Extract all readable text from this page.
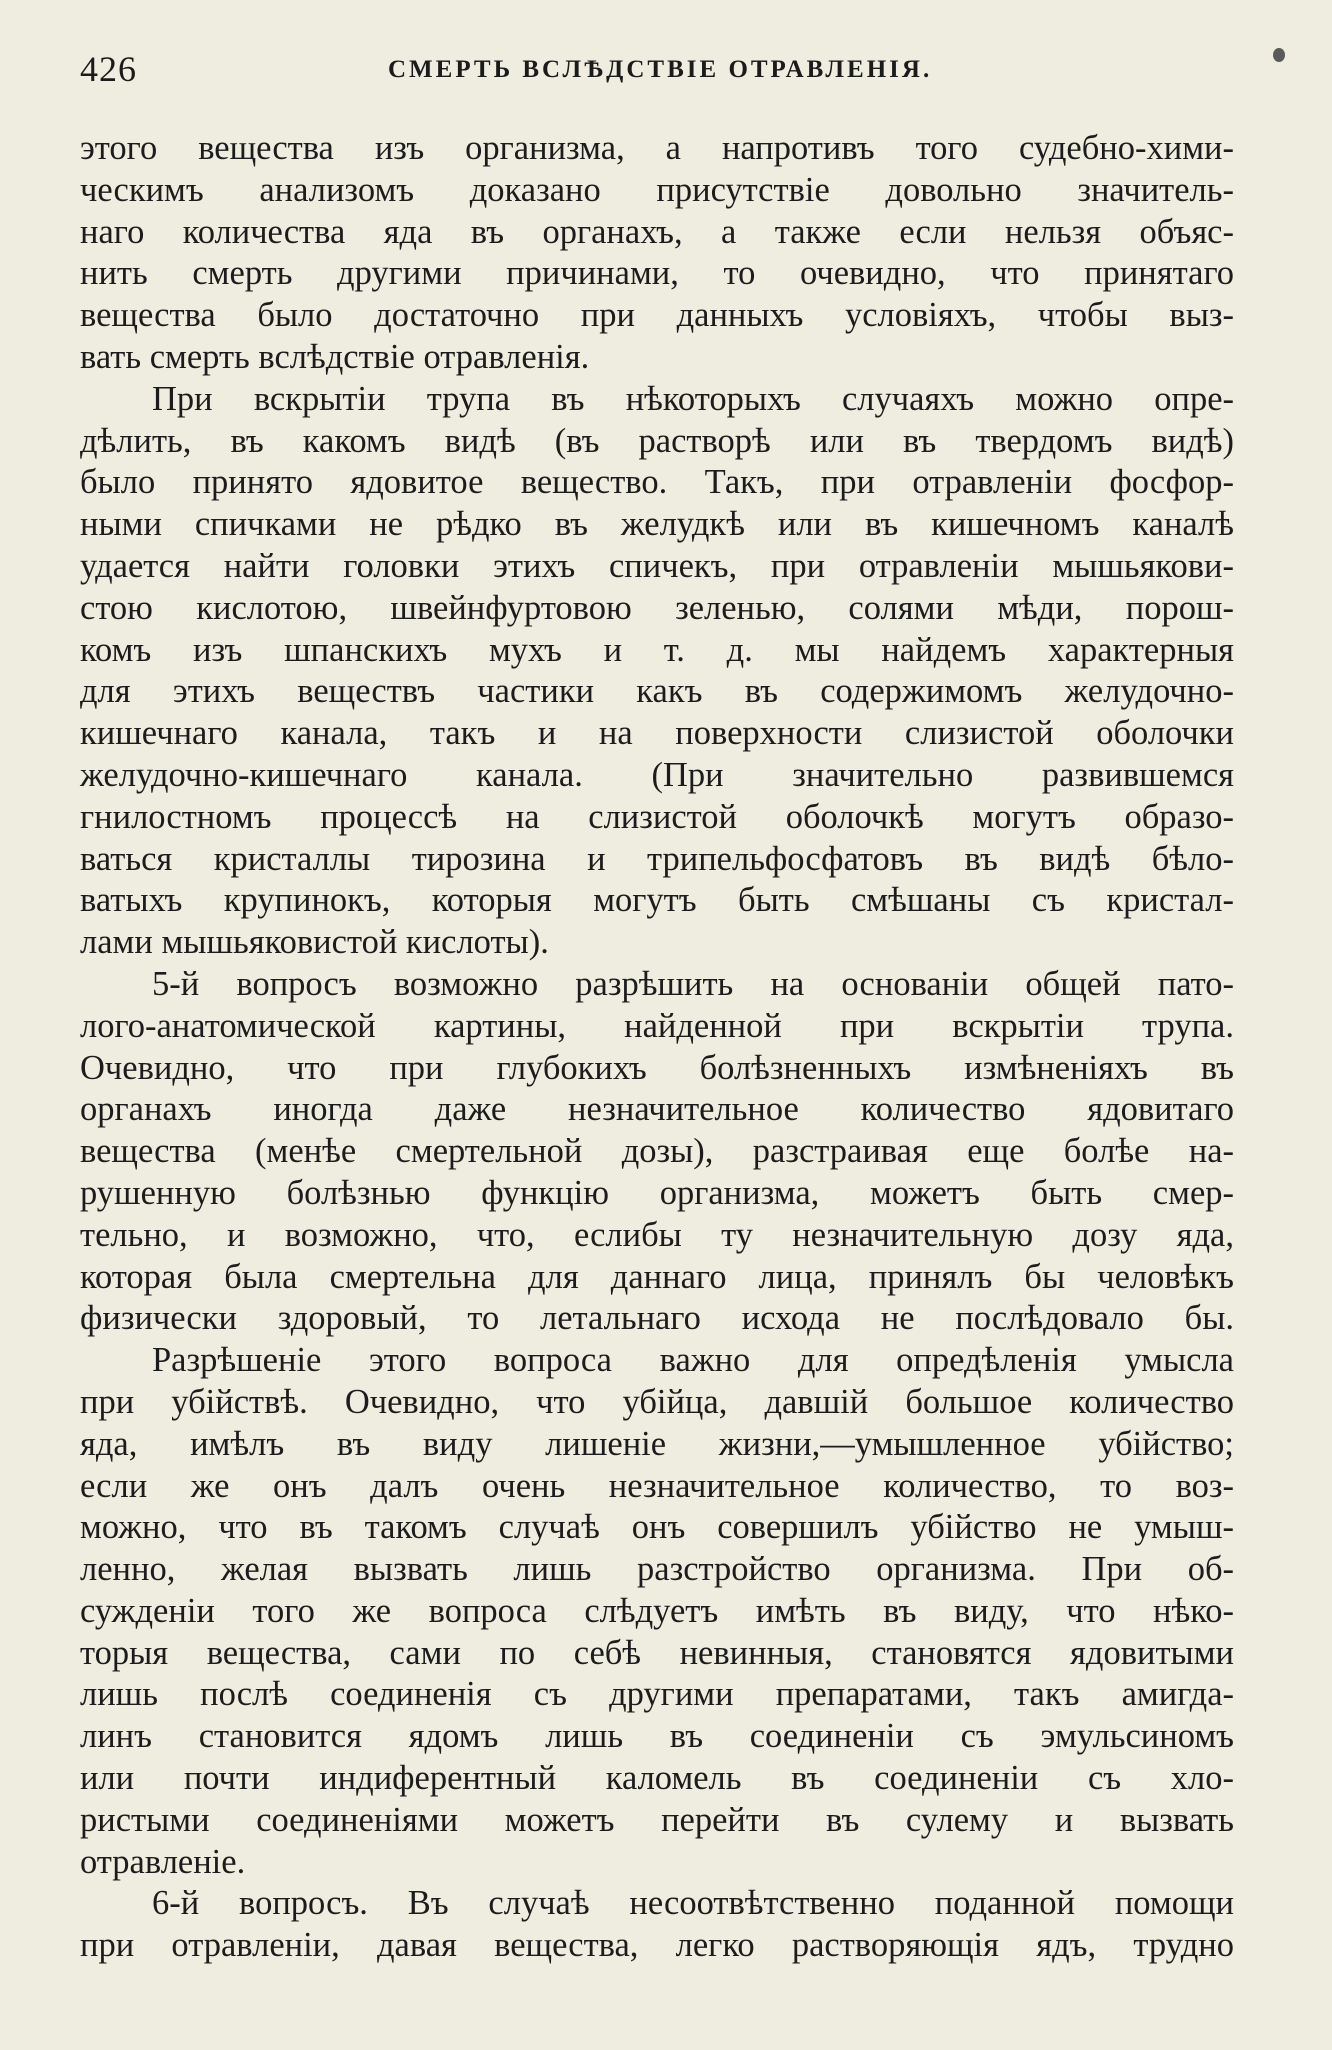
426	СМЕРТЬ ВСЛѢДСТВІЕ ОТРАВЛЕНІЯ.
этого вещества изъ организма, а напротивъ того судебно-хими-
ческимъ анализомъ доказано присутствіе довольно значитель-
наго количества яда въ органахъ, а также если нельзя объяс-
нить смерть другими причинами, то очевидно, что принятаго
вещества было достаточно при данныхъ условіяхъ, чтобы выз-
вать смерть вслѣдствіе отравленія.
При вскрытіи трупа въ нѣкоторыхъ случаяхъ можно опре-
дѣлить, въ какомъ видѣ (въ растворѣ или въ твердомъ видѣ)
было принято ядовитое вещество. Такъ, при отравленіи фосфор-
ными спичками не рѣдко въ желудкѣ или въ кишечномъ каналѣ
удается найти головки этихъ спичекъ, при отравленіи мышьякови-
стою кислотою, швейнфуртовою зеленью, солями мѣди, порош-
комъ изъ шпанскихъ мухъ и т. д. мы найдемъ характерныя
для этихъ веществъ частики какъ въ содержимомъ желудочно-
кишечнаго канала, такъ и на поверхности слизистой оболочки
желудочно-кишечнаго канала. (При значительно развившемся
гнилостномъ процессѣ на слизистой оболочкѣ могутъ образо-
ваться кристаллы тирозина и трипельфосфатовъ въ видѣ бѣло-
ватыхъ крупинокъ, которыя могутъ быть смѣшаны съ кристал-
лами мышьяковистой кислоты).
5-й вопросъ возможно разрѣшить на основаніи общей пато-
лого-анатомической картины, найденной при вскрытіи трупа.
Очевидно, что при глубокихъ болѣзненныхъ измѣненіяхъ въ
органахъ иногда даже незначительное количество ядовитаго
вещества (менѣе смертельной дозы), разстраивая еще болѣе на-
рушенную болѣзнью функцію организма, можетъ быть смер-
тельно, и возможно, что, еслибы ту незначительную дозу яда,
которая была смертельна для даннаго лица, принялъ бы человѣкъ
физически здоровый, то летальнаго исхода не послѣдовало бы.
Разрѣшеніе этого вопроса важно для опредѣленія умысла
при убійствѣ. Очевидно, что убійца, давшій большое количество
яда, имѣлъ въ виду лишеніе жизни,—умышленное убійство;
если же онъ далъ очень незначительное количество, то воз-
можно, что въ такомъ случаѣ онъ совершилъ убійство не умыш-
ленно, желая вызвать лишь разстройство организма. При об-
сужденіи того же вопроса слѣдуетъ имѣть въ виду, что нѣко-
торыя вещества, сами по себѣ невинныя, становятся ядовитыми
лишь послѣ соединенія съ другими препаратами, такъ амигда-
линъ становится ядомъ лишь въ соединеніи съ эмульсиномъ
или почти индиферентный каломель въ соединеніи съ хло-
ристыми соединеніями можетъ перейти въ сулему и вызвать
отравленіе.
6-й вопросъ. Въ случаѣ несоотвѣтственно поданной помощи
при отравленіи, давая вещества, легко растворяющія ядъ, трудно
